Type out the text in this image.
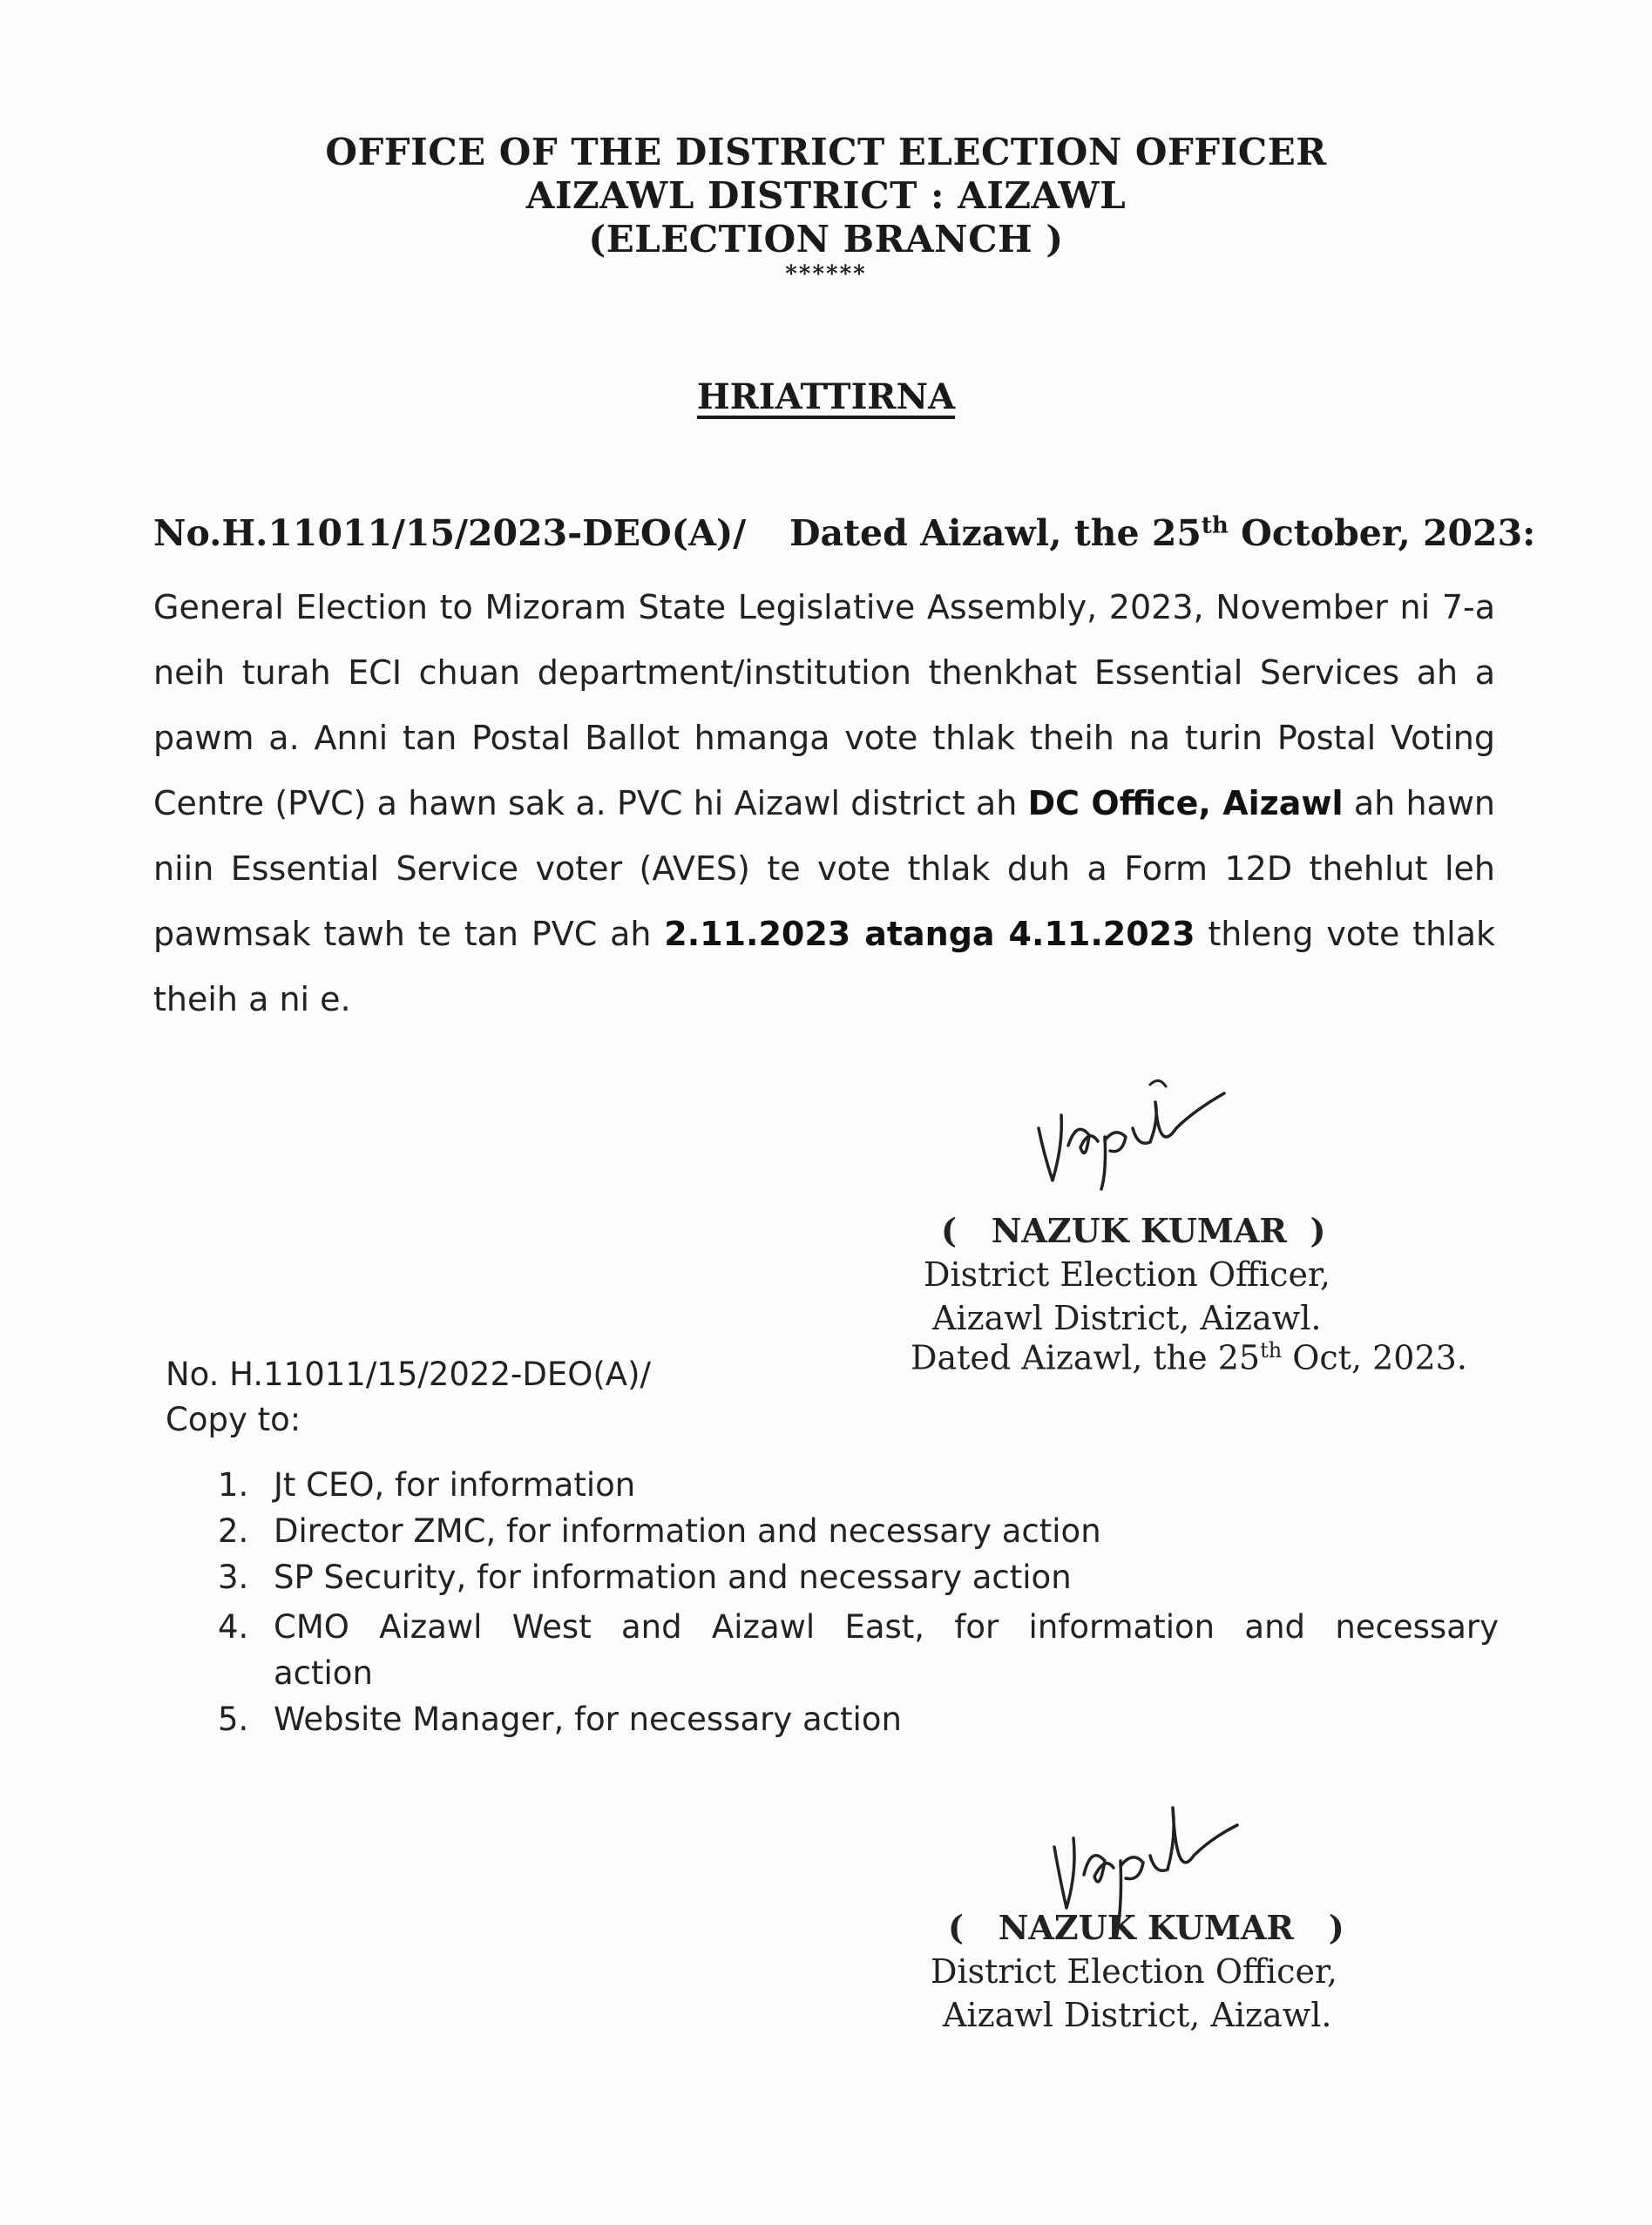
OFFICE OF THE DISTRICT ELECTION OFFICER
AIZAWL DISTRICT : AIZAWL
(ELECTION BRANCH )
******
HRIATTIRNA
No.H.11011/15/2023-DEO(A)/ Dated Aizawl, the 25th October, 2023:
General Election to Mizoram State Legislative Assembly, 2023, November ni 7-a neih turah ECI chuan department/institution thenkhat Essential Services ah a pawm a. Anni tan Postal Ballot hmanga vote thlak theih na turin Postal Voting Centre (PVC) a hawn sak a. PVC hi Aizawl district ah DC Office, Aizawl ah hawn niin Essential Service voter (AVES) te vote thlak duh a Form 12D thehlut leh pawmsak tawh te tan PVC ah 2.11.2023 atanga 4.11.2023 thleng vote thlak theih a ni e.
( NAZUK KUMAR )
District Election Officer,
Aizawl District, Aizawl.
Dated Aizawl, the 25th Oct, 2023.
No. H.11011/15/2022-DEO(A)/
Copy to:
1. Jt CEO, for information
2. Director ZMC, for information and necessary action
3. SP Security, for information and necessary action
4. CMO Aizawl West and Aizawl East, for information and necessary action
5. Website Manager, for necessary action
( NAZUK KUMAR )
District Election Officer,
Aizawl District, Aizawl.
